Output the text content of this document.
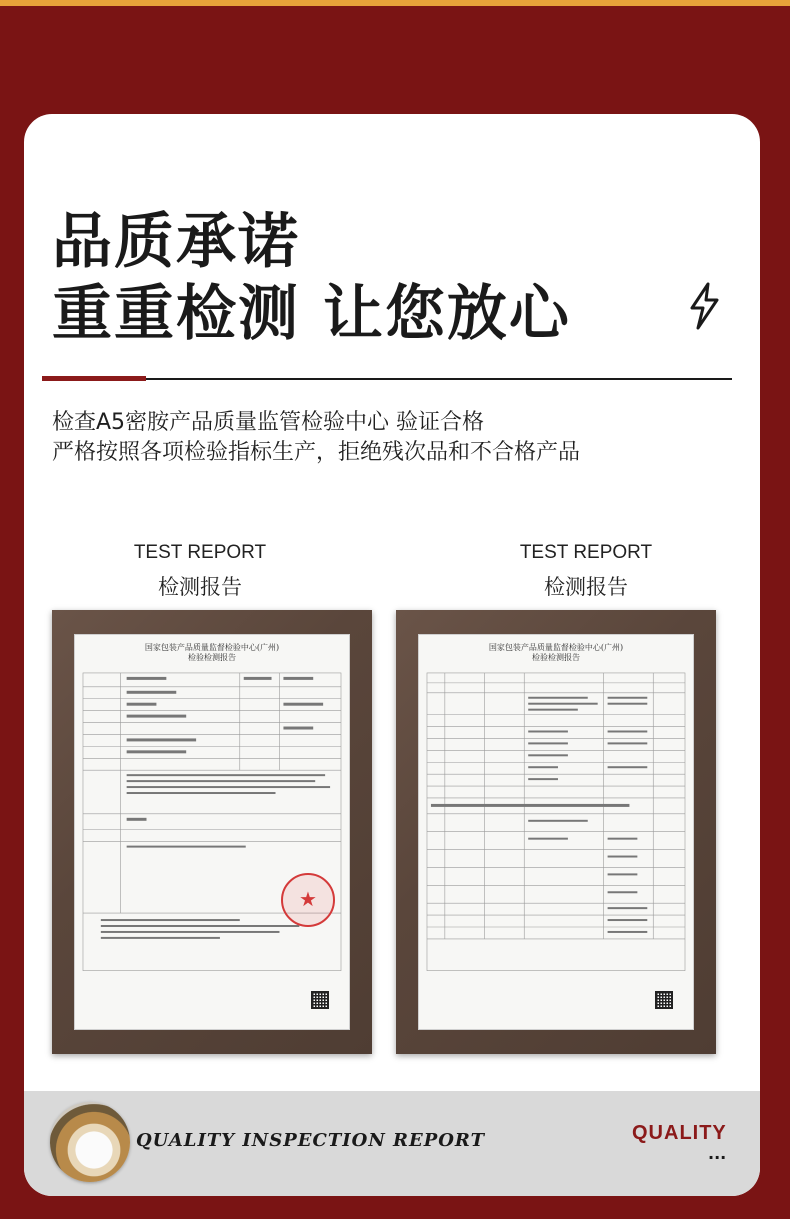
品质承诺
重重检测 让您放心
检查A5密胺产品质量监管检验中心 验证合格
严格按照各项检验指标生产，拒绝残次品和不合格产品
TEST REPORT
检测报告
TEST REPORT
检测报告
国家包装产品质量监督检验中心(广州)
检验检测报告
★
国家包装产品质量监督检验中心(广州)
检验检测报告
QUALITY INSPECTION REPORT	QUALITY
...
